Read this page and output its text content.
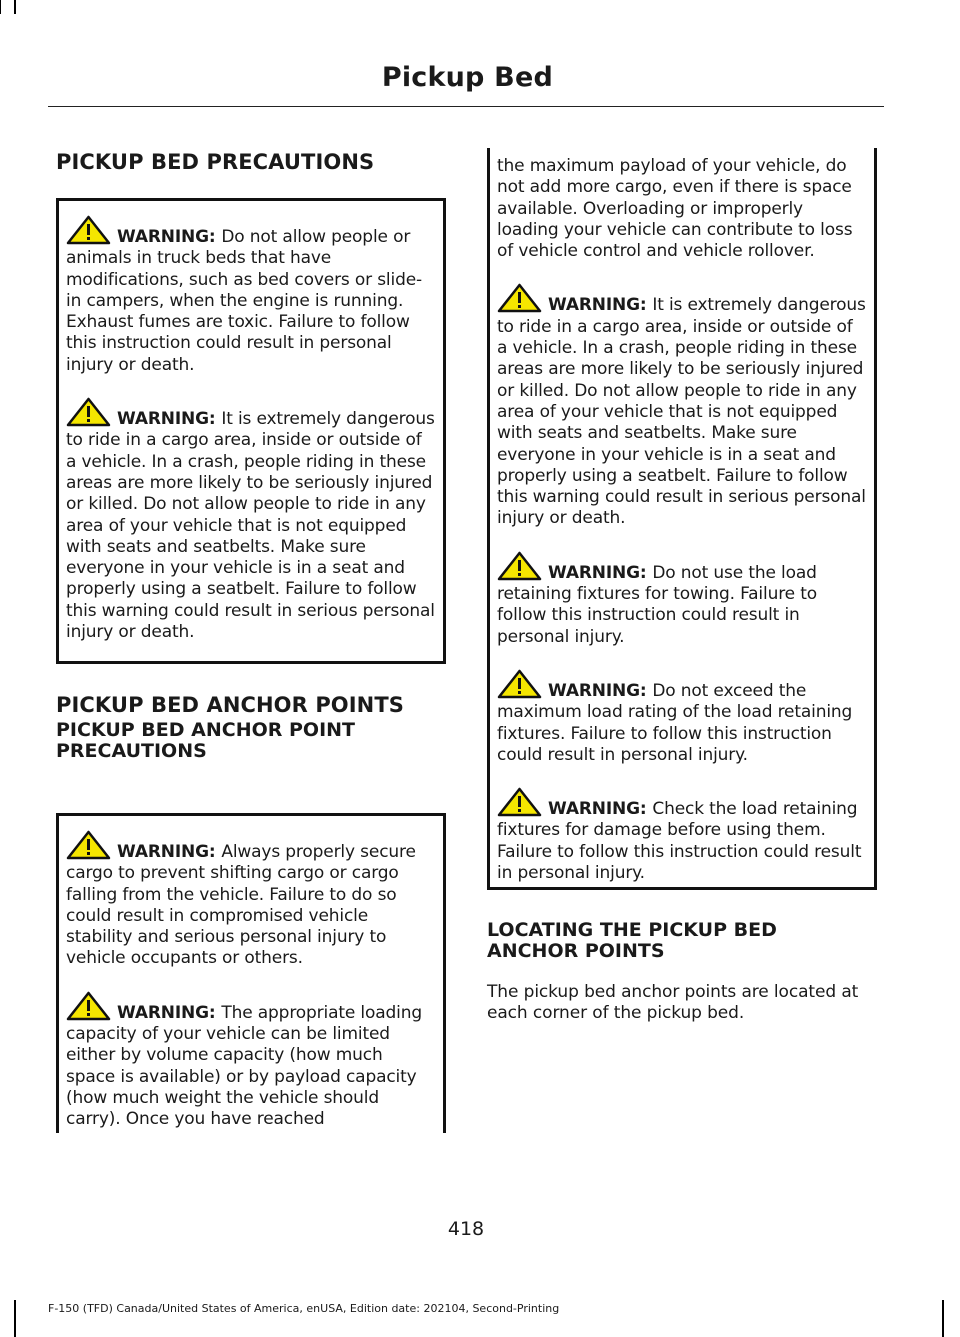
Pickup Bed
PICKUP BED PRECAUTIONS

WARNING: Do not allow people or animals in truck beds that have modifications, such as bed covers or slide-in campers, when the engine is running. Exhaust fumes are toxic. Failure to follow this instruction could result in personal injury or death.

WARNING: It is extremely dangerous to ride in a cargo area, inside or outside of a vehicle. In a crash, people riding in these areas are more likely to be seriously injured or killed. Do not allow people to ride in any area of your vehicle that is not equipped with seats and seatbelts. Make sure everyone in your vehicle is in a seat and properly using a seatbelt. Failure to follow this warning could result in serious personal injury or death.

PICKUP BED ANCHOR POINTS
PICKUP BED ANCHOR POINT PRECAUTIONS

WARNING: Always properly secure cargo to prevent shifting cargo or cargo falling from the vehicle. Failure to do so could result in compromised vehicle stability and serious personal injury to vehicle occupants or others.

WARNING: The appropriate loading capacity of your vehicle can be limited either by volume capacity (how much space is available) or by payload capacity (how much weight the vehicle should carry). Once you have reached

the maximum payload of your vehicle, do not add more cargo, even if there is space available. Overloading or improperly loading your vehicle can contribute to loss of vehicle control and vehicle rollover.

WARNING: It is extremely dangerous to ride in a cargo area, inside or outside of a vehicle. In a crash, people riding in these areas are more likely to be seriously injured or killed. Do not allow people to ride in any area of your vehicle that is not equipped with seats and seatbelts. Make sure everyone in your vehicle is in a seat and properly using a seatbelt. Failure to follow this warning could result in serious personal injury or death.

WARNING: Do not use the load retaining fixtures for towing. Failure to follow this instruction could result in personal injury.

WARNING: Do not exceed the maximum load rating of the load retaining fixtures. Failure to follow this instruction could result in personal injury.

WARNING: Check the load retaining fixtures for damage before using them. Failure to follow this instruction could result in personal injury.

LOCATING THE PICKUP BED ANCHOR POINTS
The pickup bed anchor points are located at each corner of the pickup bed.
418
F-150 (TFD) Canada/United States of America, enUSA, Edition date: 202104, Second-Printing
